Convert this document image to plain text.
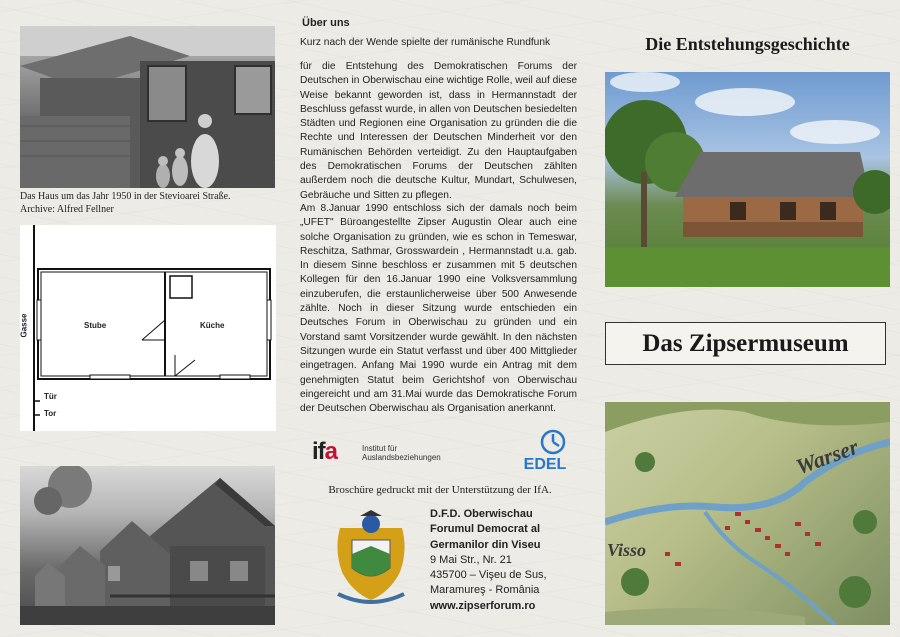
Das Haus um das Jahr 1950 in der Stevioarei Straße.
Archive: Alfred Fellner
Stube	Küche
Gasse
Tür
Tor
Über uns
Kurz nach der Wende spielte der rumänische Rundfunk
für die Entstehung des Demokratischen Forums der Deutschen in Oberwischau eine wichtige Rolle, weil auf diese Weise bekannt geworden ist, dass in Hermannstadt der Beschluss gefasst wurde, in allen von Deutschen besiedelten Städten und Regionen eine Organisation zu gründen die die Rechte und Interessen der Deutschen Minderheit vor den Rumänischen Behörden verteidigt. Zu den Hauptaufgaben des Demokratischen Forums der Deutschen zählten außerdem noch die deutsche Kultur, Mundart, Schulwesen, Gebräuche und Sitten zu pflegen.
Am 8.Januar 1990 entschloss sich der damals noch beim „UFET" Büroangestellte Zipser Augustin Olear auch eine solche Organisation zu gründen, wie es schon in Temeswar, Reschitza, Sathmar, Grosswardein , Hermannstadt u.a. gab. In diesem Sinne beschloss er zusammen mit 5 deutschen Kollegen für den 16.Januar 1990 eine Volksversammlung einzuberufen, die erstaunlicherweise über 500 Anwesende zählte. Noch in dieser Sitzung wurde entschieden ein Deutsches Forum in Oberwischau zu gründen und ein Vorstand samt Vorsitzender wurde gewählt. In den nächsten Sitzungen wurde ein Statut verfasst und über 400 Mittglieder eingetragen. Anfang Mai 1990 wurde ein Antrag mit dem genehmigten Statut beim Gerichtshof von Oberwischau eingereicht und am 31.Mai wurde das Demokratische Forum der Deutschen Oberwischau als Organisation anerkannt.
ifa	Institut für
Auslandsbeziehungen	EDEL
Broschüre gedruckt mit der Unterstützung der IfA.
D.F.D. Oberwischau
Forumul Democrat al
Germanilor din Viseu
9 Mai Str., Nr. 21
435700 – Vişeu de Sus,
Maramureş - România
www.zipserforum.ro
Die Entstehungsgeschichte
Das Zipsermuseum
Warser
Visso
